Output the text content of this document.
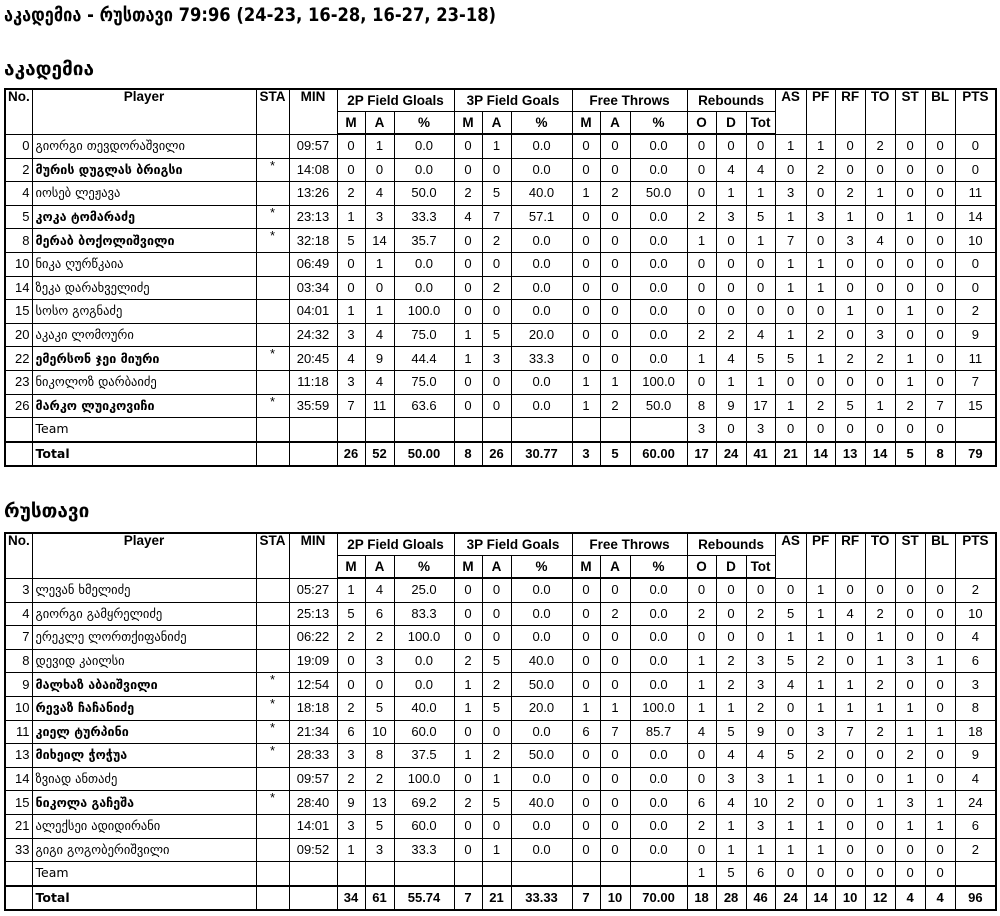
აკადემია - რუსთავი 79:96 (24-23, 16-28, 16-27, 23-18)
აკადემია
No.	Player	STA	MIN	2P Field Gloals			3P Field Goals			Free Throws			Rebounds			AS	PF	RF	TO	ST	BL	PTS
				M	A	%	M	A	%	M	A	%	O	D	Tot							
0	გიორგი თევდორაშვილი		09:57	0	1	0.0	0	1	0.0	0	0	0.0	0	0	0	1	1	0	2	0	0	0
2	მურის დუგლას ბრიგსი	*	14:08	0	0	0.0	0	0	0.0	0	0	0.0	0	4	4	0	2	0	0	0	0	0
4	იოსებ ლეჟავა		13:26	2	4	50.0	2	5	40.0	1	2	50.0	0	1	1	3	0	2	1	0	0	11
5	კოკა ტომარაძე	*	23:13	1	3	33.3	4	7	57.1	0	0	0.0	2	3	5	1	3	1	0	1	0	14
8	მერაბ ბოქოლიშვილი	*	32:18	5	14	35.7	0	2	0.0	0	0	0.0	1	0	1	7	0	3	4	0	0	10
10	ნიკა ღურწკაია		06:49	0	1	0.0	0	0	0.0	0	0	0.0	0	0	0	1	1	0	0	0	0	0
14	ზეკა დარახველიძე		03:34	0	0	0.0	0	2	0.0	0	0	0.0	0	0	0	1	1	0	0	0	0	0
15	სოსო გოგნაძე		04:01	1	1	100.0	0	0	0.0	0	0	0.0	0	0	0	0	0	1	0	1	0	2
20	აკაკი ლომოური		24:32	3	4	75.0	1	5	20.0	0	0	0.0	2	2	4	1	2	0	3	0	0	9
22	ემერსონ ჯეი მიური	*	20:45	4	9	44.4	1	3	33.3	0	0	0.0	1	4	5	5	1	2	2	1	0	11
23	ნიკოლოზ დარბაიძე		11:18	3	4	75.0	0	0	0.0	1	1	100.0	0	1	1	0	0	0	0	1	0	7
26	მარკო ლუიკოვიჩი	*	35:59	7	11	63.6	0	0	0.0	1	2	50.0	8	9	17	1	2	5	1	2	7	15
	Team												3	0	3	0	0	0	0	0	0	
	Total			26	52	50.00	8	26	30.77	3	5	60.00	17	24	41	21	14	13	14	5	8	79
რუსთავი
No.	Player	STA	MIN	2P Field Gloals			3P Field Goals			Free Throws			Rebounds			AS	PF	RF	TO	ST	BL	PTS
				M	A	%	M	A	%	M	A	%	O	D	Tot							
3	ლევან ხმელიძე		05:27	1	4	25.0	0	0	0.0	0	0	0.0	0	0	0	0	1	0	0	0	0	2
4	გიორგი გამყრელიძე		25:13	5	6	83.3	0	0	0.0	0	2	0.0	2	0	2	5	1	4	2	0	0	10
7	ერეკლე ლორთქიფანიძე		06:22	2	2	100.0	0	0	0.0	0	0	0.0	0	0	0	1	1	0	1	0	0	4
8	დევიდ კაილსი		19:09	0	3	0.0	2	5	40.0	0	0	0.0	1	2	3	5	2	0	1	3	1	6
9	მალხაზ აბაიშვილი	*	12:54	0	0	0.0	1	2	50.0	0	0	0.0	1	2	3	4	1	1	2	0	0	3
10	რევაზ ჩაჩანიძე	*	18:18	2	5	40.0	1	5	20.0	1	1	100.0	1	1	2	0	1	1	1	1	0	8
11	კიელ ტურპინი	*	21:34	6	10	60.0	0	0	0.0	6	7	85.7	4	5	9	0	3	7	2	1	1	18
13	მიხეილ ჭოჭუა	*	28:33	3	8	37.5	1	2	50.0	0	0	0.0	0	4	4	5	2	0	0	2	0	9
14	ზვიად ანთაძე		09:57	2	2	100.0	0	1	0.0	0	0	0.0	0	3	3	1	1	0	0	1	0	4
15	ნიკოლა გაჩეშა	*	28:40	9	13	69.2	2	5	40.0	0	0	0.0	6	4	10	2	0	0	1	3	1	24
21	ალექსეი ადიდირანი		14:01	3	5	60.0	0	0	0.0	0	0	0.0	2	1	3	1	1	0	0	1	1	6
33	გიგი გოგობერიშვილი		09:52	1	3	33.3	0	1	0.0	0	0	0.0	0	1	1	1	1	0	0	0	0	2
	Team												1	5	6	0	0	0	0	0	0	
	Total			34	61	55.74	7	21	33.33	7	10	70.00	18	28	46	24	14	10	12	4	4	96
